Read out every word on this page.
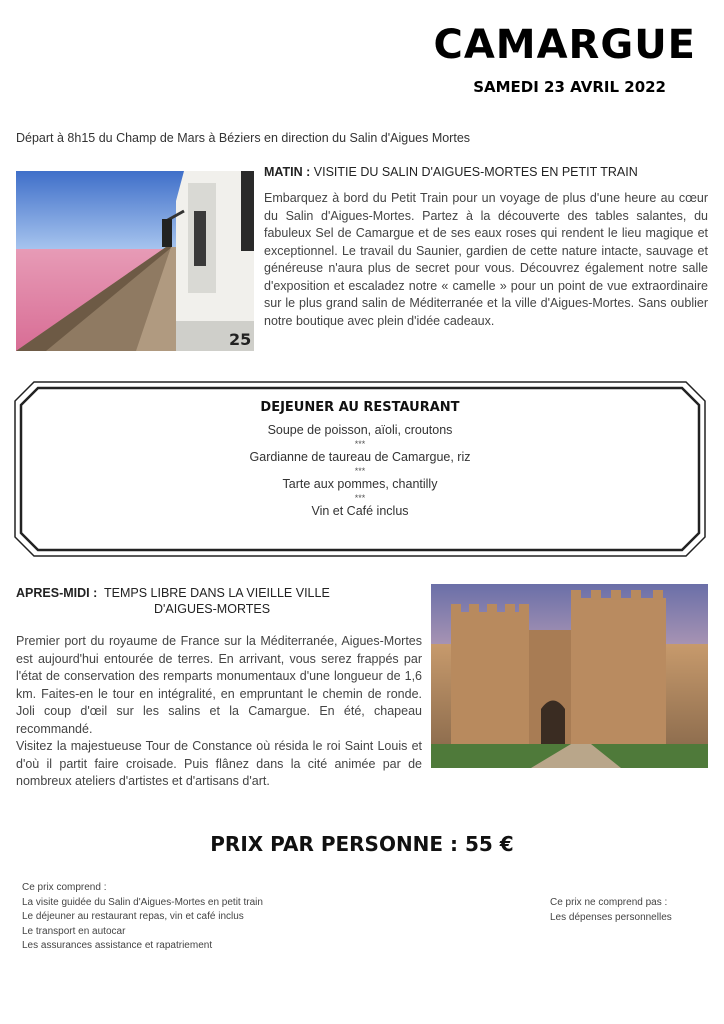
CAMARGUE
SAMEDI 23 AVRIL 2022
Départ à 8h15 du Champ de Mars à Béziers en direction du Salin d'Aigues Mortes
25
MATIN : VISITIE DU SALIN D'AIGUES-MORTES EN PETIT TRAIN
Embarquez à bord du Petit Train pour un voyage de plus d'une heure au cœur du Salin d'Aigues-Mortes. Partez à la découverte des tables salantes, du fabuleux Sel de Camargue et de ses eaux roses qui rendent le lieu magique et exceptionnel. Le travail du Saunier, gardien de cette nature intacte, sauvage et généreuse n'aura plus de secret pour vous. Découvrez également notre salle d'exposition et escaladez notre « camelle » pour un point de vue extraordinaire sur le plus grand salin de Méditerranée et la ville d'Aigues-Mortes. Sans oublier notre boutique avec plein d'idée cadeaux.
DEJEUNER AU RESTAURANT
Soupe de poisson, aïoli, croutons
***
Gardianne de taureau de Camargue, riz
***
Tarte aux pommes, chantilly
***
Vin et Café inclus
APRES-MIDI : TEMPS LIBRE DANS LA VIEILLE VILLE
D'AIGUES-MORTES
Premier port du royaume de France sur la Méditerranée, Aigues-Mortes est aujourd'hui entourée de terres. En arrivant, vous serez frappés par l'état de conservation des remparts monumentaux d'une longueur de 1,6 km. Faites-en le tour en intégralité, en empruntant le chemin de ronde. Joli coup d'œil sur les salins et la Camargue. En été, chapeau recommandé.
Visitez la majestueuse Tour de Constance où résida le roi Saint Louis et d'où il partit faire croisade. Puis flânez dans la cité animée par de nombreux ateliers d'artistes et d'artisans d'art.
PRIX PAR PERSONNE : 55 €
Ce prix comprend :
La visite guidée du Salin d'Aigues-Mortes en petit train
Le déjeuner au restaurant repas, vin et café inclus
Le transport en autocar
Les assurances assistance et rapatriement
Ce prix ne comprend pas :
Les dépenses personnelles
